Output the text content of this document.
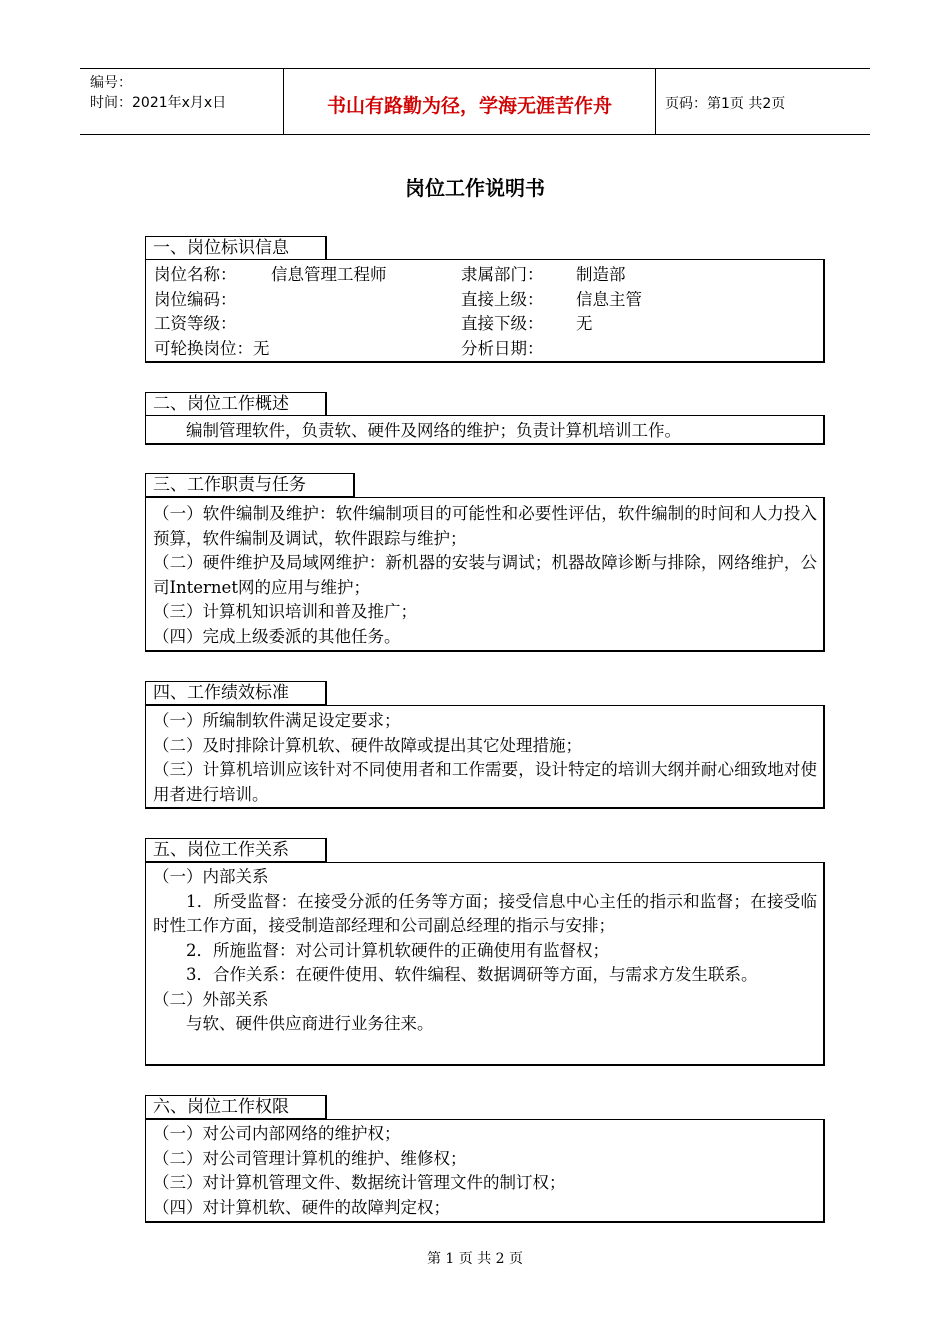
编号：
时间：2021年x月x日	书山有路勤为径，学海无涯苦作舟	页码：第1页 共2页
岗位工作说明书
一、岗位标识信息
岗位名称： 信息管理工程师	隶属部门： 制造部
岗位编码：	直接上级： 信息主管
工资等级：	直接下级： 无
可轮换岗位：无	分析日期：
二、岗位工作概述
编制管理软件，负责软、硬件及网络的维护；负责计算机培训工作。
三、工作职责与任务
（一）软件编制及维护：软件编制项目的可能性和必要性评估，软件编制的时间和人力投入预算，软件编制及调试，软件跟踪与维护；
（二）硬件维护及局域网维护：新机器的安装与调试；机器故障诊断与排除，网络维护，公司Internet网的应用与维护；
（三）计算机知识培训和普及推广；
（四）完成上级委派的其他任务。
四、工作绩效标准
（一）所编制软件满足设定要求；
（二）及时排除计算机软、硬件故障或提出其它处理措施；
（三）计算机培训应该针对不同使用者和工作需要，设计特定的培训大纲并耐心细致地对使用者进行培训。
五、岗位工作关系
（一）内部关系
1．所受监督：在接受分派的任务等方面；接受信息中心主任的指示和监督；在接受临时性工作方面，接受制造部经理和公司副总经理的指示与安排；
2．所施监督：对公司计算机软硬件的正确使用有监督权；
3．合作关系：在硬件使用、软件编程、数据调研等方面，与需求方发生联系。
（二）外部关系
与软、硬件供应商进行业务往来。
六、岗位工作权限
（一）对公司内部网络的维护权；
（二）对公司管理计算机的维护、维修权；
（三）对计算机管理文件、数据统计管理文件的制订权；
（四）对计算机软、硬件的故障判定权；
第 1 页 共 2 页
